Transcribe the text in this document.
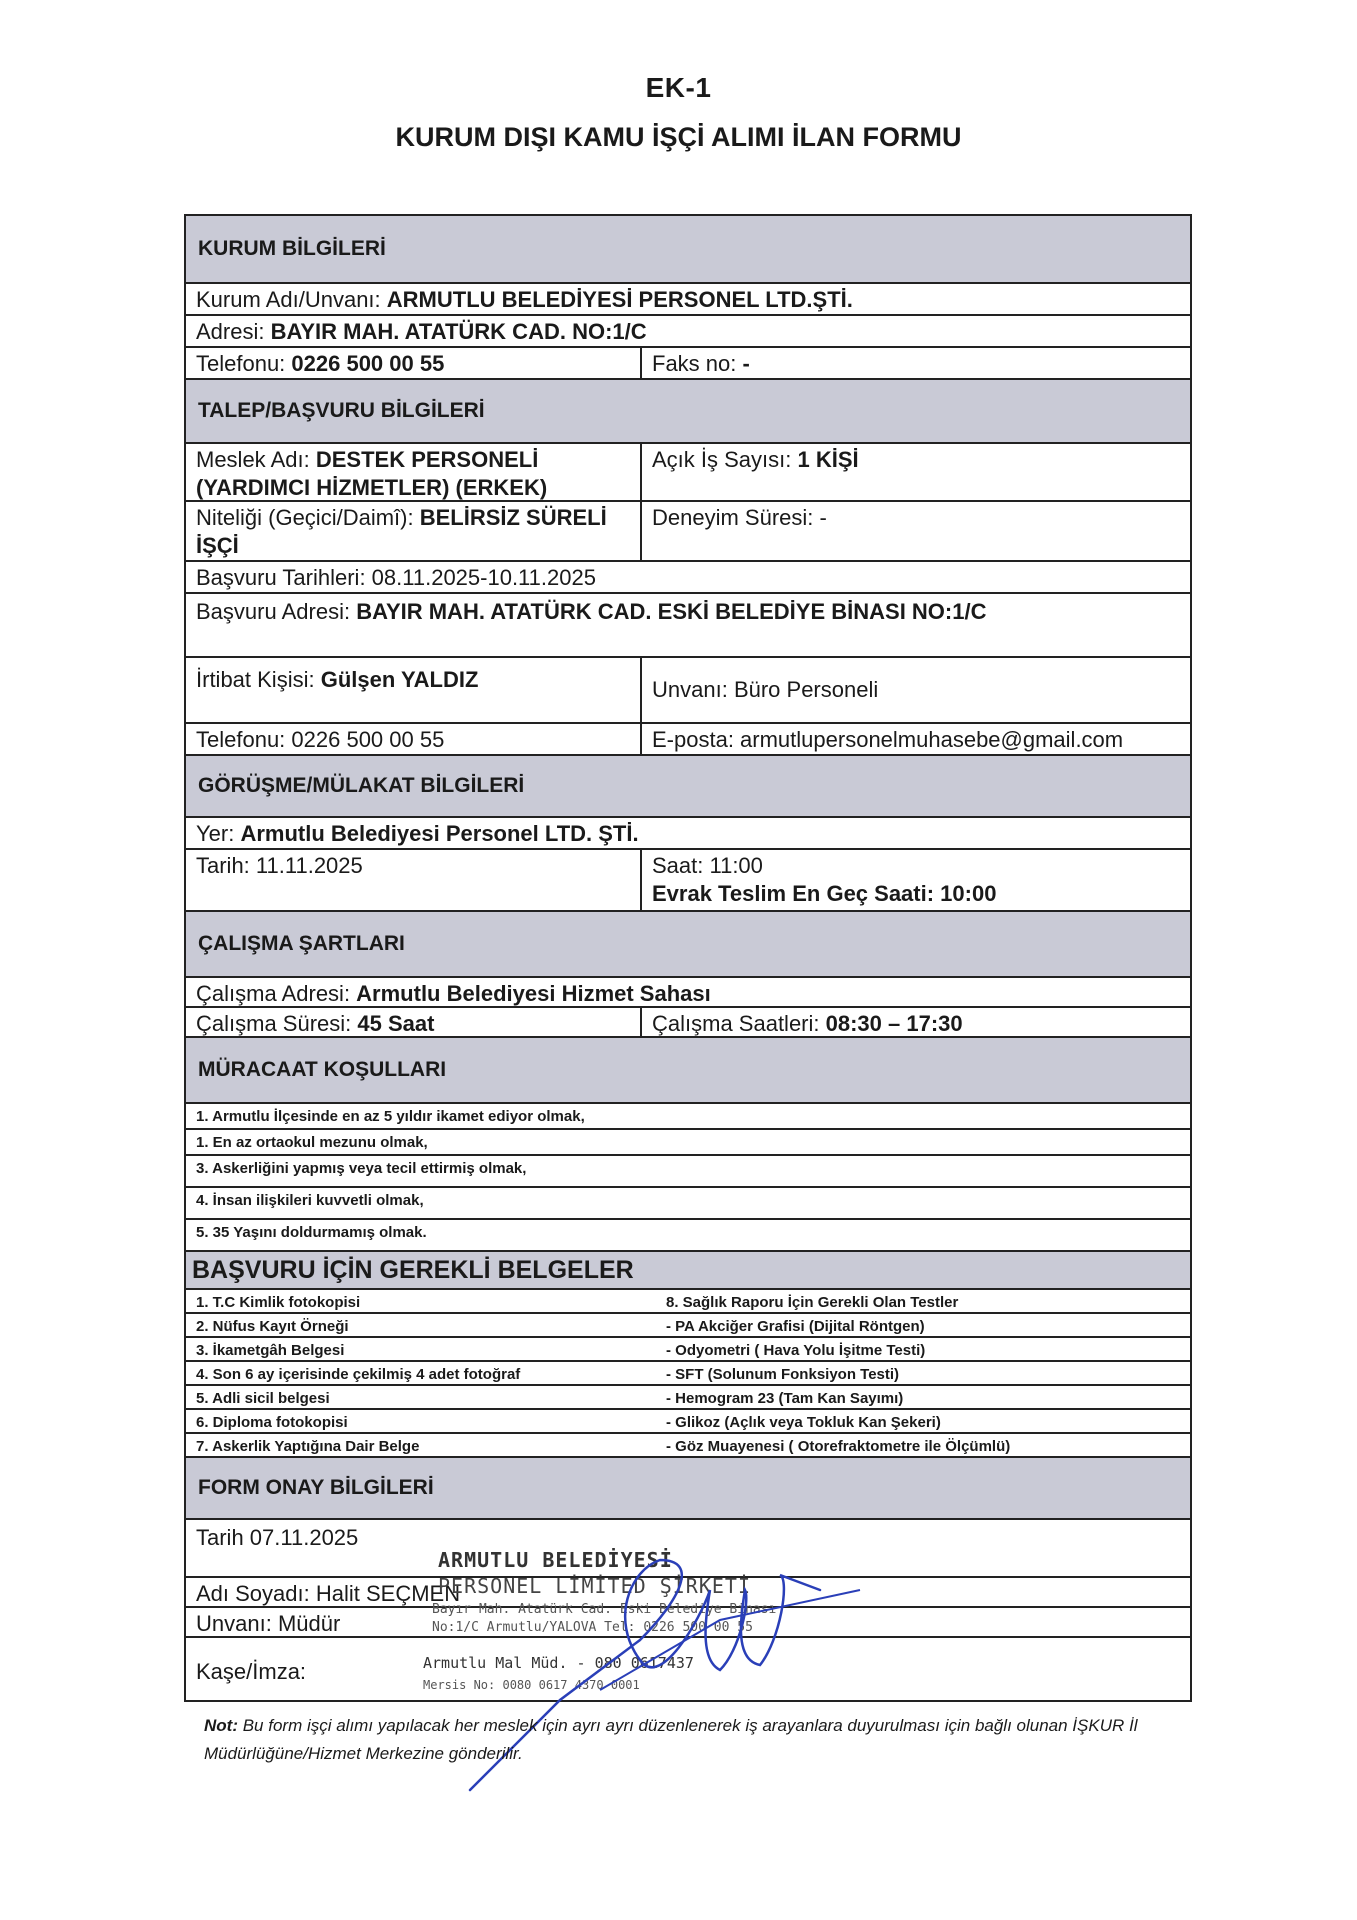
EK-1
KURUM DIŞI KAMU İŞÇİ ALIMI İLAN FORMU
KURUM BİLGİLERİ
Kurum Adı/Unvanı: ARMUTLU BELEDİYESİ PERSONEL LTD.ŞTİ.
Adresi: BAYIR MAH. ATATÜRK CAD. NO:1/C
Telefonu: 0226 500 00 55	Faks no: -
TALEP/BAŞVURU BİLGİLERİ
Meslek Adı: DESTEK PERSONELİ (YARDIMCI HİZMETLER) (ERKEK)
Açık İş Sayısı: 1 KİŞİ
Niteliği (Geçici/Daimî): BELİRSİZ SÜRELİ İŞÇİ
Deneyim Süresi: -
Başvuru Tarihleri: 08.11.2025-10.11.2025
Başvuru Adresi: BAYIR MAH. ATATÜRK CAD. ESKİ BELEDİYE BİNASI NO:1/C
İrtibat Kişisi: Gülşen YALDIZ	Unvanı: Büro Personeli
Telefonu: 0226 500 00 55	E-posta: armutlupersonelmuhasebe@gmail.com
GÖRÜŞME/MÜLAKAT BİLGİLERİ
Yer: Armutlu Belediyesi Personel LTD. ŞTİ.
Tarih: 11.11.2025	Saat: 11:00
Evrak Teslim En Geç Saati: 10:00
ÇALIŞMA ŞARTLARI
Çalışma Adresi: Armutlu Belediyesi Hizmet Sahası
Çalışma Süresi: 45 Saat	Çalışma Saatleri: 08:30 – 17:30
MÜRACAAT KOŞULLARI
1. Armutlu İlçesinde en az 5 yıldır ikamet ediyor olmak,
1. En az ortaokul mezunu olmak,
3. Askerliğini yapmış veya tecil ettirmiş olmak,
4. İnsan ilişkileri kuvvetli olmak,
5. 35 Yaşını doldurmamış olmak.
BAŞVURU İÇİN GEREKLİ BELGELER
1. T.C Kimlik fotokopisi	8. Sağlık Raporu İçin Gerekli Olan Testler
2. Nüfus Kayıt Örneği	- PA Akciğer Grafisi (Dijital Röntgen)
3. İkametgâh Belgesi	- Odyometri ( Hava Yolu İşitme Testi)
4. Son 6 ay içerisinde çekilmiş 4 adet fotoğraf	- SFT (Solunum Fonksiyon Testi)
5. Adli sicil belgesi	- Hemogram 23 (Tam Kan Sayımı)
6. Diploma fotokopisi	- Glikoz (Açlık veya Tokluk Kan Şekeri)
7. Askerlik Yaptığına Dair Belge	- Göz Muayenesi ( Otorefraktometre ile Ölçümlü)
FORM ONAY BİLGİLERİ
Tarih 07.11.2025
Adı Soyadı: Halit SEÇMEN
Unvanı: Müdür
Kaşe/İmza:
ARMUTLU BELEDİYESİ
PERSONEL LİMİTED ŞİRKETİ
Bayır Mah. Atatürk Cad. Eski Belediye Binası
No:1/C Armutlu/YALOVA Tel: 0226 500 00 55
Armutlu Mal Müd. - 080 0617437
Mersis No: 0080 0617 4370 0001
Not: Bu form işçi alımı yapılacak her meslek için ayrı ayrı düzenlenerek iş arayanlara duyurulması için bağlı olunan İŞKUR İl Müdürlüğüne/Hizmet Merkezine gönderilir.
